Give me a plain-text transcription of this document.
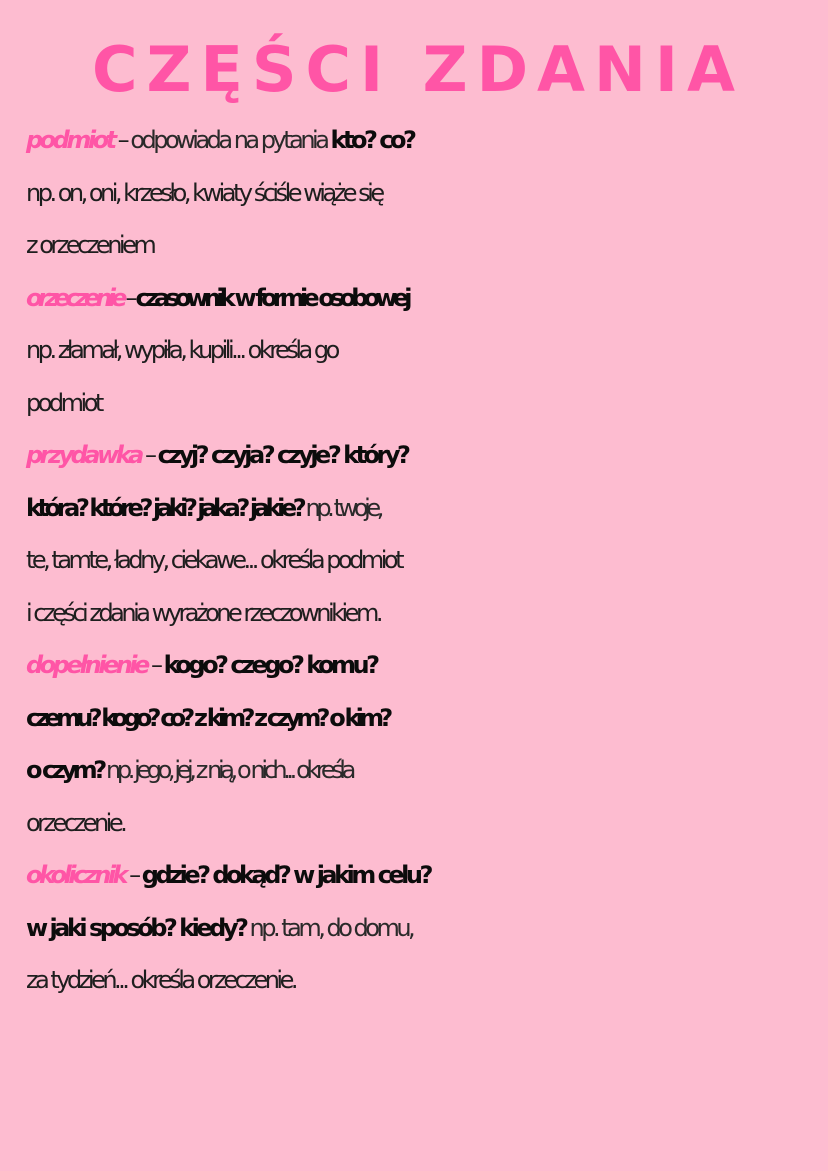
CZĘŚCI ZDANIA
podmiot – odpowiada na pytania kto? co?
np. on, oni, krzesło, kwiaty ściśle wiąże się
z orzeczeniem
orzeczenie – czasownik w formie osobowej
np. złamał, wypiła, kupili... określa go
podmiot
przydawka – czyj? czyja? czyje? który?
która? które? jaki? jaka? jakie? np. twoje,
te, tamte, ładny, ciekawe... określa podmiot
i części zdania wyrażone rzeczownikiem.
dopełnienie – kogo? czego? komu?
czemu? kogo? co? z kim? z czym? o kim?
o czym? np. jego, jej, z nią, o nich... określa
orzeczenie.
okolicznik – gdzie? dokąd? w jakim celu?
w jaki sposób? kiedy? np. tam, do domu,
za tydzień... określa orzeczenie.
